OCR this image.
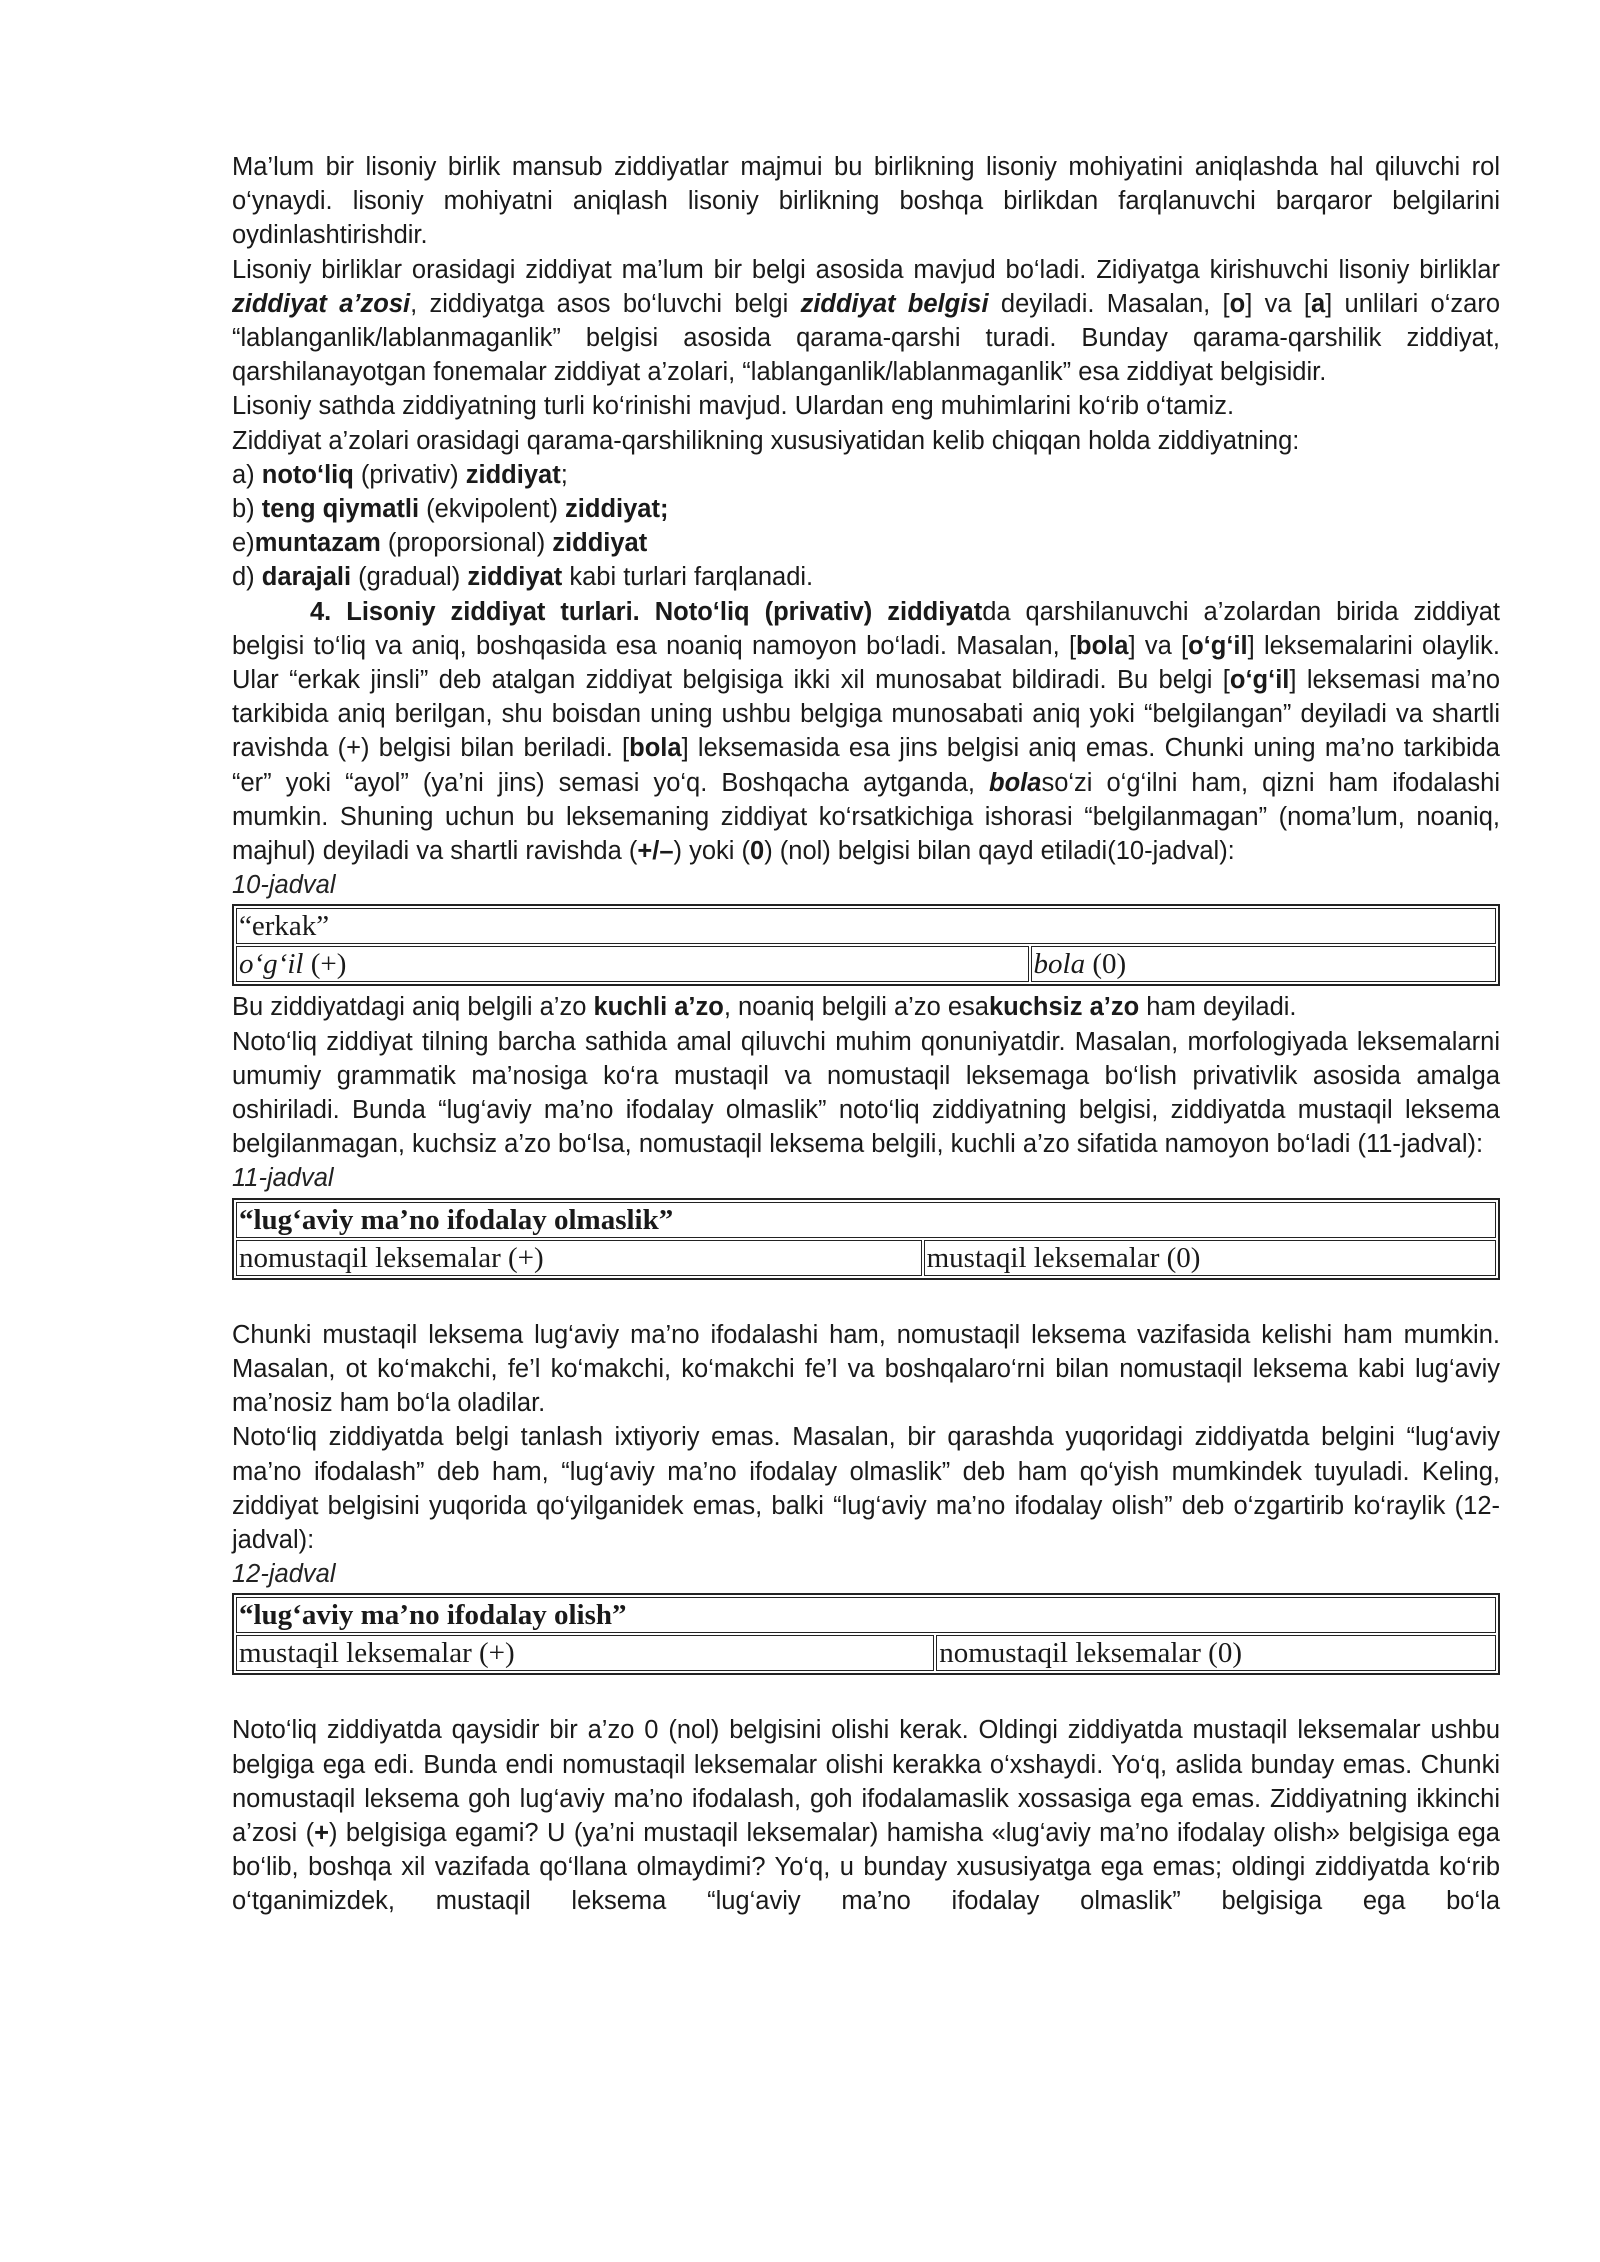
Ma’lum bir lisoniy birlik mansub ziddiyatlar majmui bu birlikning lisoniy mohiyatini aniqlashda hal qiluvchi rol o‘ynaydi. lisoniy mohiyatni aniqlash lisoniy birlikning boshqa birlikdan farqlanuvchi barqaror belgilarini oydinlashtirishdir.

Lisoniy birliklar orasidagi ziddiyat ma’lum bir belgi asosida mavjud bo‘ladi. Zidiyatga kirishuvchi lisoniy birliklar ziddiyat a’zosi, ziddiyatga asos bo‘luvchi belgi ziddiyat belgisi deyiladi. Masalan, [o] va [a] unlilari o‘zaro “lablanganlik/lablanmaganlik” belgisi asosida qarama-qarshi turadi. Bunday qarama-qarshilik ziddiyat, qarshilanayotgan fonemalar ziddiyat a’zolari, “lablanganlik/lablanmaganlik” esa ziddiyat belgisidir.

Lisoniy sathda ziddiyatning turli ko‘rinishi mavjud. Ulardan eng muhimlarini ko‘rib o‘tamiz.

Ziddiyat a’zolari orasidagi qarama-qarshilikning xususiyatidan kelib chiqqan holda ziddiyatning:

a) noto‘liq (privativ) ziddiyat;

b) teng qiymatli (ekvipolent) ziddiyat;

e)muntazam (proporsional) ziddiyat

d) darajali (gradual) ziddiyat kabi turlari farqlanadi.

4. Lisoniy ziddiyat turlari. Noto‘liq (privativ) ziddiyatda qarshilanuvchi a’zolardan birida ziddiyat belgisi to‘liq va aniq, boshqasida esa noaniq namoyon bo‘ladi. Masalan, [bola] va [o‘g‘il] leksemalarini olaylik. Ular “erkak jinsli” deb atalgan ziddiyat belgisiga ikki xil munosabat bildiradi. Bu belgi [o‘g‘il] leksemasi ma’no tarkibida aniq berilgan, shu boisdan uning ushbu belgiga munosabati aniq yoki “belgilangan” deyiladi va shartli ravishda (+) belgisi bilan beriladi. [bola] leksemasida esa jins belgisi aniq emas. Chunki uning ma’no tarkibida “er” yoki “ayol” (ya’ni jins) semasi yo‘q. Boshqacha aytganda, bolaso‘zi o‘g‘ilni ham, qizni ham ifodalashi mumkin. Shuning uchun bu leksemaning ziddiyat ko‘rsatkichiga ishorasi “belgilanmagan” (noma’lum, noaniq, majhul) deyiladi va shartli ravishda (+/–) yoki (0) (nol) belgisi bilan qayd etiladi(10-jadval):

10-jadval

“erkak”
o‘g‘il (+)	bola (0)

Bu ziddiyatdagi aniq belgili a’zo kuchli a’zo, noaniq belgili a’zo esakuchsiz a’zo ham deyiladi.

Noto‘liq ziddiyat tilning barcha sathida amal qiluvchi muhim qonuniyatdir. Masalan, morfologiyada leksemalarni umumiy grammatik ma’nosiga ko‘ra mustaqil va nomustaqil leksemaga bo‘lish privativlik asosida amalga oshiriladi. Bunda “lug‘aviy ma’no ifodalay olmaslik” noto‘liq ziddiyatning belgisi, ziddiyatda mustaqil leksema belgilanmagan, kuchsiz a’zo bo‘lsa, nomustaqil leksema belgili, kuchli a’zo sifatida namoyon bo‘ladi (11-jadval):

11-jadval

“lug‘aviy ma’no ifodalay olmaslik”
nomustaqil leksemalar (+)	mustaqil leksemalar (0)

Chunki mustaqil leksema lug‘aviy ma’no ifodalashi ham, nomustaqil leksema vazifasida kelishi ham mumkin. Masalan, ot ko‘makchi, fe’l ko‘makchi, ko‘makchi fe’l va boshqalaro‘rni bilan nomustaqil leksema kabi lug‘aviy ma’nosiz ham bo‘la oladilar.

Noto‘liq ziddiyatda belgi tanlash ixtiyoriy emas. Masalan, bir qarashda yuqoridagi ziddiyatda belgini “lug‘aviy ma’no ifodalash” deb ham, “lug‘aviy ma’no ifodalay olmaslik” deb ham qo‘yish mumkindek tuyuladi. Keling, ziddiyat belgisini yuqorida qo‘yilganidek emas, balki “lug‘aviy ma’no ifodalay olish” deb o‘zgartirib ko‘raylik (12-jadval):

12-jadval

“lug‘aviy ma’no ifodalay olish”
mustaqil leksemalar (+)	nomustaqil leksemalar (0)

Noto‘liq ziddiyatda qaysidir bir a’zo 0 (nol) belgisini olishi kerak. Oldingi ziddiyatda mustaqil leksemalar ushbu belgiga ega edi. Bunda endi nomustaqil leksemalar olishi kerakka o‘xshaydi. Yo‘q, aslida bunday emas. Chunki nomustaqil leksema goh lug‘aviy ma’no ifodalash, goh ifodalamaslik xossasiga ega emas. Ziddiyatning ikkinchi a’zosi (+) belgisiga egami? U (ya’ni mustaqil leksemalar) hamisha «lug‘aviy ma’no ifodalay olish» belgisiga ega bo‘lib, boshqa xil vazifada qo‘llana olmaydimi? Yo‘q, u bunday xususiyatga ega emas; oldingi ziddiyatda ko‘rib o‘tganimizdek, mustaqil leksema “lug‘aviy ma’no ifodalay olmaslik” belgisiga ega bo‘la
